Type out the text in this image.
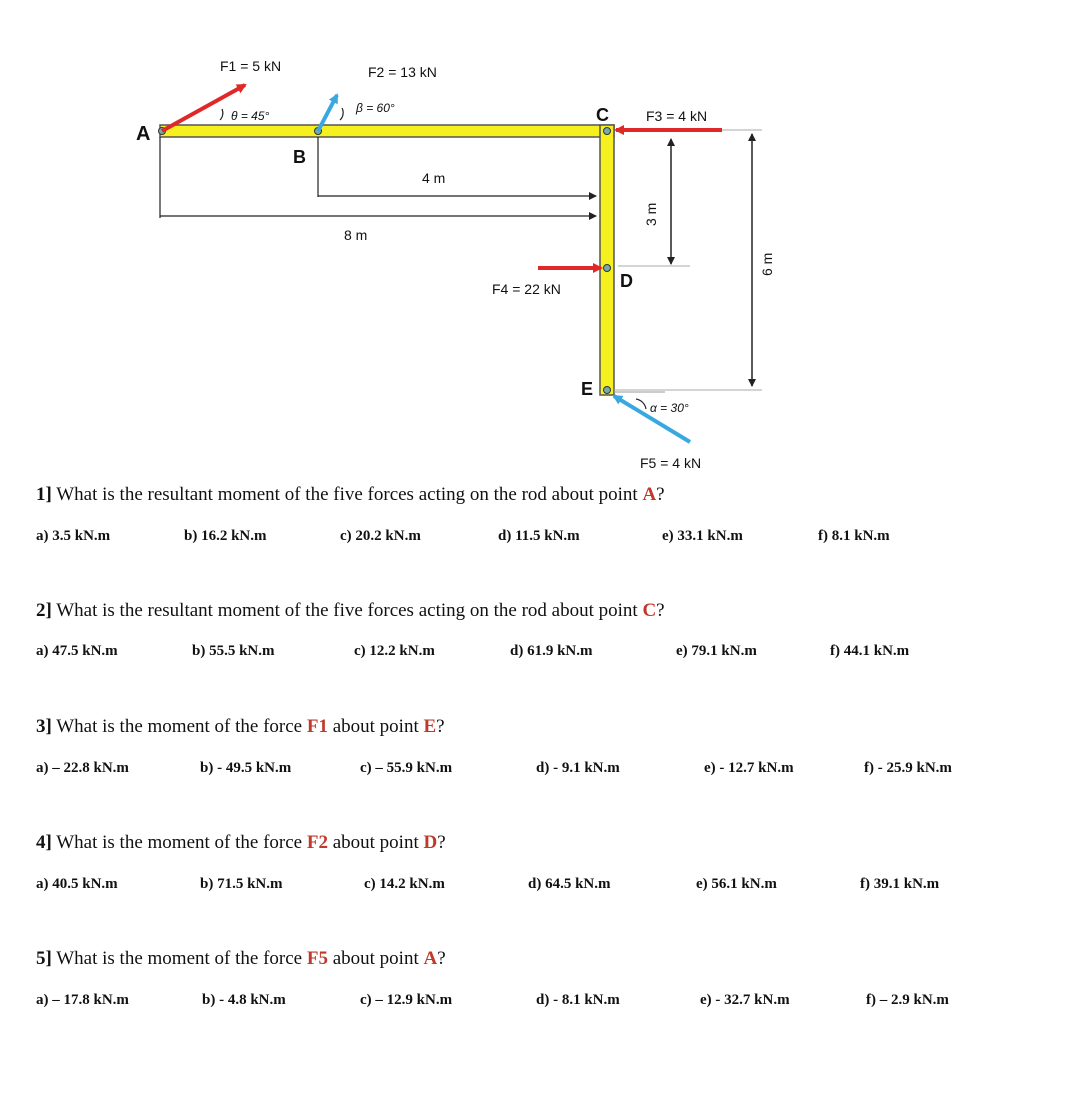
A
B
C
D
E
θ = 45°
F1 = 5 kN
β = 60°
F2 = 13 kN
F3 = 4 kN
F4 = 22 kN
α = 30°
F5 = 4 kN
4 m
8 m
3 m
6 m
1] What is the resultant moment of the five forces acting on the rod about point A?
a) 3.5 kN.m	b) 16.2 kN.m	c) 20.2 kN.m	d) 11.5 kN.m	e) 33.1 kN.m	f) 8.1 kN.m
2] What is the resultant moment of the five forces acting on the rod about point C?
a) 47.5 kN.m	b) 55.5 kN.m	c) 12.2 kN.m	d) 61.9 kN.m	e) 79.1 kN.m	f) 44.1 kN.m
3] What is the moment of the force F1 about point E?
a) – 22.8 kN.m	b) - 49.5 kN.m	c) – 55.9 kN.m	d) - 9.1 kN.m	e) - 12.7 kN.m	f) - 25.9 kN.m
4] What is the moment of the force F2 about point D?
a) 40.5 kN.m	b) 71.5 kN.m	c) 14.2 kN.m	d) 64.5 kN.m	e) 56.1 kN.m	f) 39.1 kN.m
5] What is the moment of the force F5 about point A?
a) – 17.8 kN.m	b) - 4.8 kN.m	c) – 12.9 kN.m	d) - 8.1 kN.m	e) - 32.7 kN.m	f) – 2.9 kN.m
